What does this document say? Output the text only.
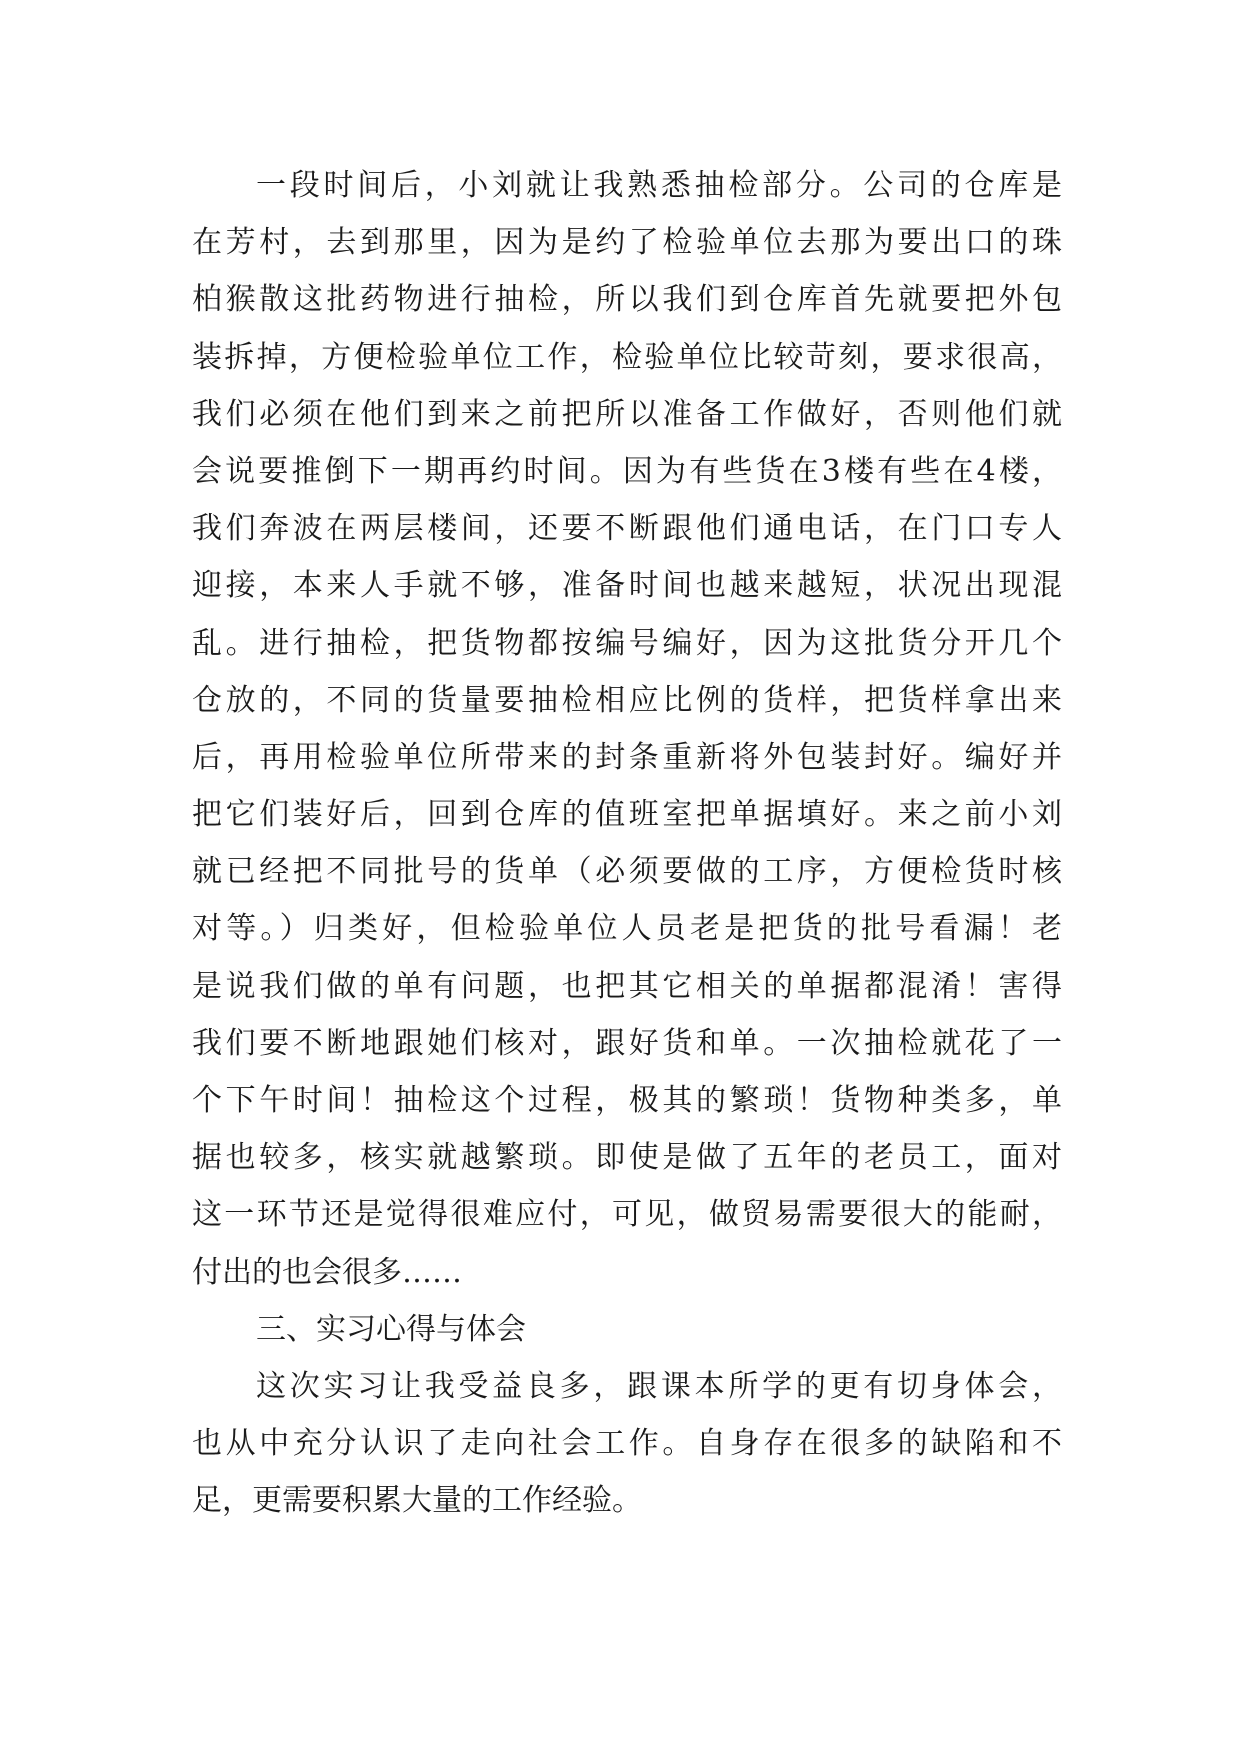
一段时间后，小刘就让我熟悉抽检部分。公司的仓库是
在芳村，去到那里，因为是约了检验单位去那为要出口的珠
柏猴散这批药物进行抽检，所以我们到仓库首先就要把外包
装拆掉，方便检验单位工作，检验单位比较苛刻，要求很高，
我们必须在他们到来之前把所以准备工作做好，否则他们就
会说要推倒下一期再约时间。因为有些货在3楼有些在4楼，
我们奔波在两层楼间，还要不断跟他们通电话，在门口专人
迎接，本来人手就不够，准备时间也越来越短，状况出现混
乱。进行抽检，把货物都按编号编好，因为这批货分开几个
仓放的，不同的货量要抽检相应比例的货样，把货样拿出来
后，再用检验单位所带来的封条重新将外包装封好。编好并
把它们装好后，回到仓库的值班室把单据填好。来之前小刘
就已经把不同批号的货单（必须要做的工序，方便检货时核
对等。）归类好，但检验单位人员老是把货的批号看漏！老
是说我们做的单有问题，也把其它相关的单据都混淆！害得
我们要不断地跟她们核对，跟好货和单。一次抽检就花了一
个下午时间！抽检这个过程，极其的繁琐！货物种类多，单
据也较多，核实就越繁琐。即使是做了五年的老员工，面对
这一环节还是觉得很难应付，可见，做贸易需要很大的能耐，
付出的也会很多……
三、实习心得与体会
这次实习让我受益良多，跟课本所学的更有切身体会，
也从中充分认识了走向社会工作。自身存在很多的缺陷和不
足，更需要积累大量的工作经验。
